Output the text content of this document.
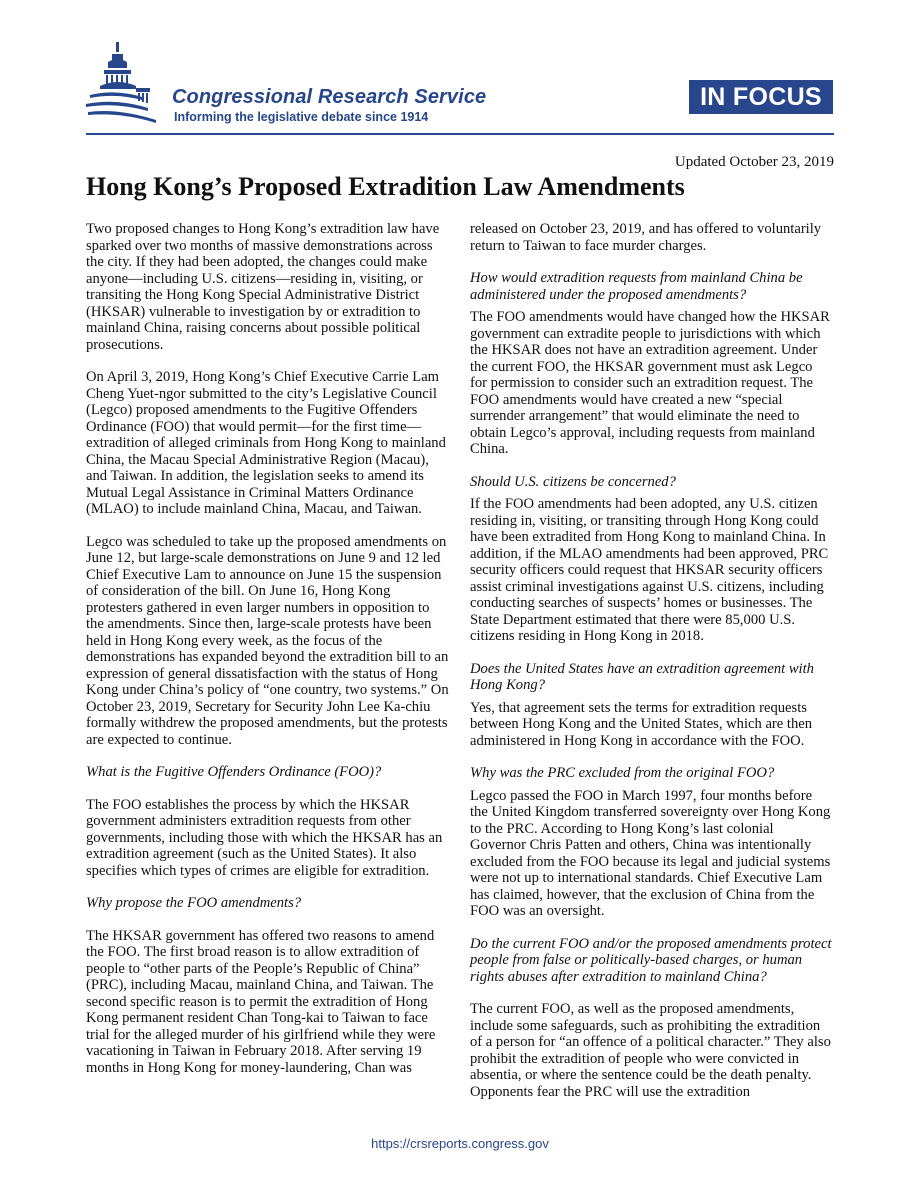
Congressional Research Service
Informing the legislative debate since 1914
IN FOCUS
Updated October 23, 2019
Hong Kong’s Proposed Extradition Law Amendments

Two proposed changes to Hong Kong’s extradition law have sparked over two months of massive demonstrations across the city. If they had been adopted, the changes could make anyone—including U.S. citizens—residing in, visiting, or transiting the Hong Kong Special Administrative District (HKSAR) vulnerable to investigation by or extradition to mainland China, raising concerns about possible political prosecutions.

On April 3, 2019, Hong Kong’s Chief Executive Carrie Lam Cheng Yuet-ngor submitted to the city’s Legislative Council (Legco) proposed amendments to the Fugitive Offenders Ordinance (FOO) that would permit—for the first time—extradition of alleged criminals from Hong Kong to mainland China, the Macau Special Administrative Region (Macau), and Taiwan. In addition, the legislation seeks to amend its Mutual Legal Assistance in Criminal Matters Ordinance (MLAO) to include mainland China, Macau, and Taiwan.

Legco was scheduled to take up the proposed amendments on June 12, but large-scale demonstrations on June 9 and 12 led Chief Executive Lam to announce on June 15 the suspension of consideration of the bill. On June 16, Hong Kong protesters gathered in even larger numbers in opposition to the amendments. Since then, large-scale protests have been held in Hong Kong every week, as the focus of the demonstrations has expanded beyond the extradition bill to an expression of general dissatisfaction with the status of Hong Kong under China’s policy of “one country, two systems.” On October 23, 2019, Secretary for Security John Lee Ka-chiu formally withdrew the proposed amendments, but the protests are expected to continue.

What is the Fugitive Offenders Ordinance (FOO)?

The FOO establishes the process by which the HKSAR government administers extradition requests from other governments, including those with which the HKSAR has an extradition agreement (such as the United States). It also specifies which types of crimes are eligible for extradition.

Why propose the FOO amendments?

The HKSAR government has offered two reasons to amend the FOO. The first broad reason is to allow extradition of people to “other parts of the People’s Republic of China” (PRC), including Macau, mainland China, and Taiwan. The second specific reason is to permit the extradition of Hong Kong permanent resident Chan Tong-kai to Taiwan to face trial for the alleged murder of his girlfriend while they were vacationing in Taiwan in February 2018. After serving 19 months in Hong Kong for money-laundering, Chan was

released on October 23, 2019, and has offered to voluntarily return to Taiwan to face murder charges.

How would extradition requests from mainland China be administered under the proposed amendments?

The FOO amendments would have changed how the HKSAR government can extradite people to jurisdictions with which the HKSAR does not have an extradition agreement. Under the current FOO, the HKSAR government must ask Legco for permission to consider such an extradition request. The FOO amendments would have created a new “special surrender arrangement” that would eliminate the need to obtain Legco’s approval, including requests from mainland China.

Should U.S. citizens be concerned?

If the FOO amendments had been adopted, any U.S. citizen residing in, visiting, or transiting through Hong Kong could have been extradited from Hong Kong to mainland China. In addition, if the MLAO amendments had been approved, PRC security officers could request that HKSAR security officers assist criminal investigations against U.S. citizens, including conducting searches of suspects’ homes or businesses. The State Department estimated that there were 85,000 U.S. citizens residing in Hong Kong in 2018.

Does the United States have an extradition agreement with Hong Kong?

Yes, that agreement sets the terms for extradition requests between Hong Kong and the United States, which are then administered in Hong Kong in accordance with the FOO.

Why was the PRC excluded from the original FOO?

Legco passed the FOO in March 1997, four months before the United Kingdom transferred sovereignty over Hong Kong to the PRC. According to Hong Kong’s last colonial Governor Chris Patten and others, China was intentionally excluded from the FOO because its legal and judicial systems were not up to international standards. Chief Executive Lam has claimed, however, that the exclusion of China from the FOO was an oversight.

Do the current FOO and/or the proposed amendments protect people from false or politically-based charges, or human rights abuses after extradition to mainland China?

The current FOO, as well as the proposed amendments, include some safeguards, such as prohibiting the extradition of a person for “an offence of a political character.” They also prohibit the extradition of people who were convicted in absentia, or where the sentence could be the death penalty. Opponents fear the PRC will use the extradition

https://crsreports.congress.gov
